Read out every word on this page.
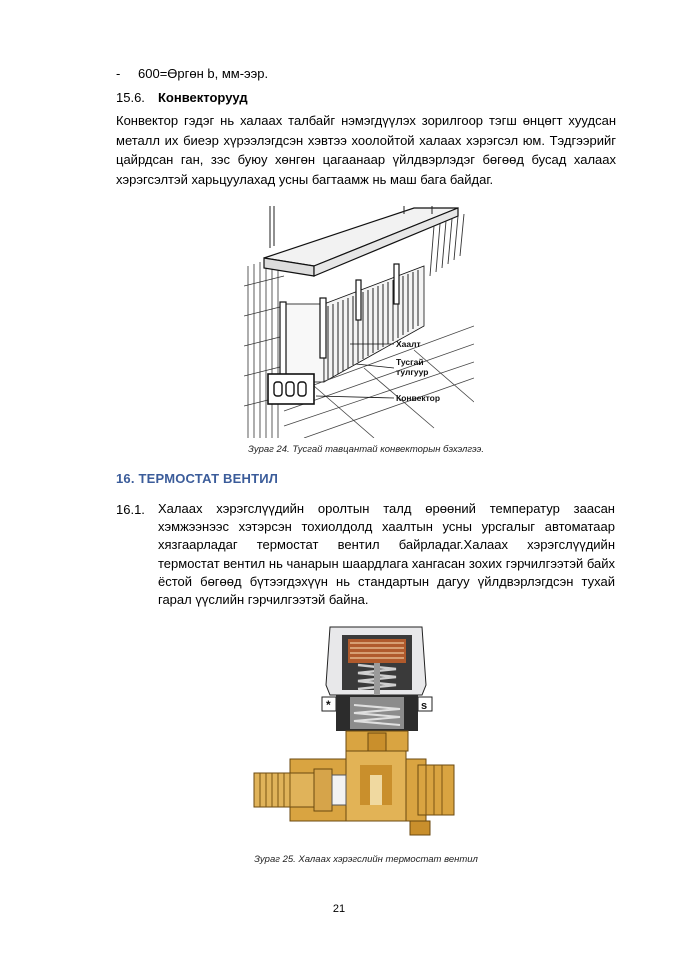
- 600=Өргөн b, мм-ээр.
15.6. Конвекторууд
Конвектор гэдэг нь халаах талбайг нэмэгдүүлэх зорилгоор тэгш өнцөгт хуудсан металл их биеэр хүрээлэгдсэн хэвтээ хоолойтой халаах хэрэгсэл юм. Тэдгээрийг цайрдсан ган, зэс буюу хөнгөн цагаанаар үйлдвэрлэдэг бөгөөд бусад халаах хэрэгсэлтэй харьцуулахад усны багтаамж нь маш бага байдаг.
Хаалт
Тусгай
тулгуур
Конвектор
Зураг 24. Тусгай тавцантай конвекторын бэхэлгээ.
16. ТЕРМОСТАТ ВЕНТИЛ
16.1. Халаах хэрэгслүүдийн оролтын талд өрөөний температур заасан хэмжээнээс хэтэрсэн тохиолдолд хаалтын усны урсгалыг автоматаар хязгаарладаг термостат вентил байрладаг.Халаах хэрэгслүүдийн термостат вентил нь чанарын шаардлага хангасан зохих гэрчилгээтэй байх ёстой бөгөөд бүтээгдэхүүн нь стандартын дагуу үйлдвэрлэгдсэн тухай гарал үүслийн гэрчилгээтэй байна.
*	s
Зураг 25. Халаах хэрэгслийн термостат вентил
21
